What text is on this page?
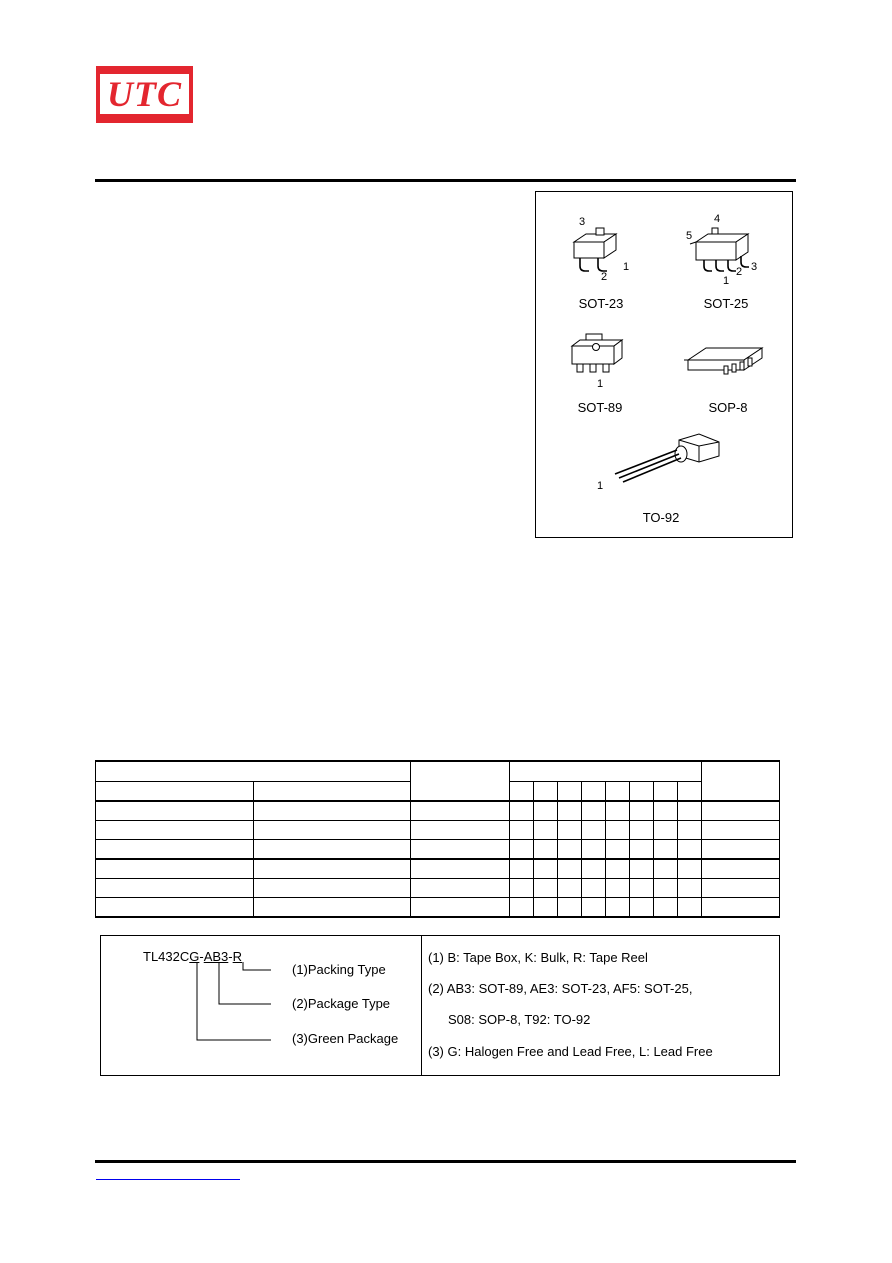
UTC
3
2
1
SOT-23
4
5
1
2 3
SOT-25
1
SOT-89	SOP-8
1
TO-92

TL432CG-AB3-R
(1)Packing Type
(2)Package Type
(3)Green Package
(1) B: Tape Box, K: Bulk, R: Tape Reel
(2) AB3: SOT-89, AE3: SOT-23, AF5: SOT-25,
S08: SOP-8, T92: TO-92
(3) G: Halogen Free and Lead Free, L: Lead Free
